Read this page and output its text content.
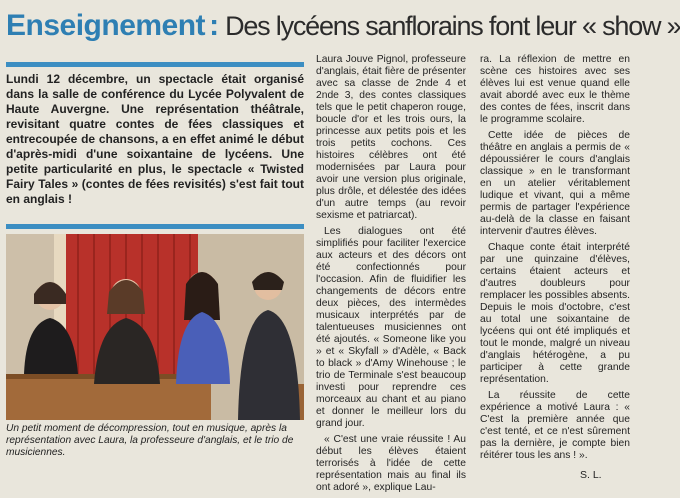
Enseignement : Des lycéens sanflorains font leur « show »
Lundi 12 décembre, un spectacle était organisé dans la salle de conférence du Lycée Polyvalent de Haute Auvergne. Une représentation théâtrale, revisitant quatre contes de fées classiques et entrecoupée de chansons, a en effet animé le début d'après-midi d'une soixantaine de lycéens. Une petite particularité en plus, le spectacle « Twisted Fairy Tales » (contes de fées revisités) s'est fait tout en anglais !
Un petit moment de décompression, tout en musique, après la représentation avec Laura, la professeure d'anglais, et le trio de musiciennes.

Laura Jouve Pignol, professeure d'anglais, était fière de présenter avec sa classe de 2nde 4 et 2nde 3, des contes classiques tels que le petit chaperon rouge, boucle d'or et les trois ours, la princesse aux petits pois et les trois petits cochons. Ces histoires célèbres ont été modernisées par Laura pour avoir une version plus originale, plus drôle, et délestée des idées d'un autre temps (au revoir sexisme et patriarcat).

Les dialogues ont été simplifiés pour faciliter l'exercice aux acteurs et des décors ont été confectionnés pour l'occasion. Afin de fluidifier les changements de décors entre deux pièces, des intermèdes musicaux interprétés par de talentueuses musiciennes ont été ajoutés. « Someone like you » et « Skyfall » d'Adèle, « Back to black » d'Amy Winehouse ; le trio de Terminale s'est beaucoup investi pour reprendre ces morceaux au chant et au piano et donner le meilleur lors du grand jour.

« C'est une vraie réussite ! Au début les élèves étaient terrorisés à l'idée de cette représentation mais au final ils ont adoré », explique Lau-

ra. La réflexion de mettre en scène ces histoires avec ses élèves lui est venue quand elle avait abordé avec eux le thème des contes de fées, inscrit dans le programme scolaire.

Cette idée de pièces de théâtre en anglais a permis de « dépoussiérer le cours d'anglais classique » en le transformant en un atelier véritablement ludique et vivant, qui a même permis de partager l'expérience au-delà de la classe en faisant intervenir d'autres élèves.

Chaque conte était interprété par une quinzaine d'élèves, certains étaient acteurs et d'autres doubleurs pour remplacer les possibles absents. Depuis le mois d'octobre, c'est au total une soixantaine de lycéens qui ont été impliqués et tout le monde, malgré un niveau d'anglais hétérogène, a pu participer à cette grande représentation.

La réussite de cette expérience a motivé Laura : « C'est la première année que c'est tenté, et ce n'est sûrement pas la dernière, je compte bien réitérer tous les ans ! ».

S. L.
